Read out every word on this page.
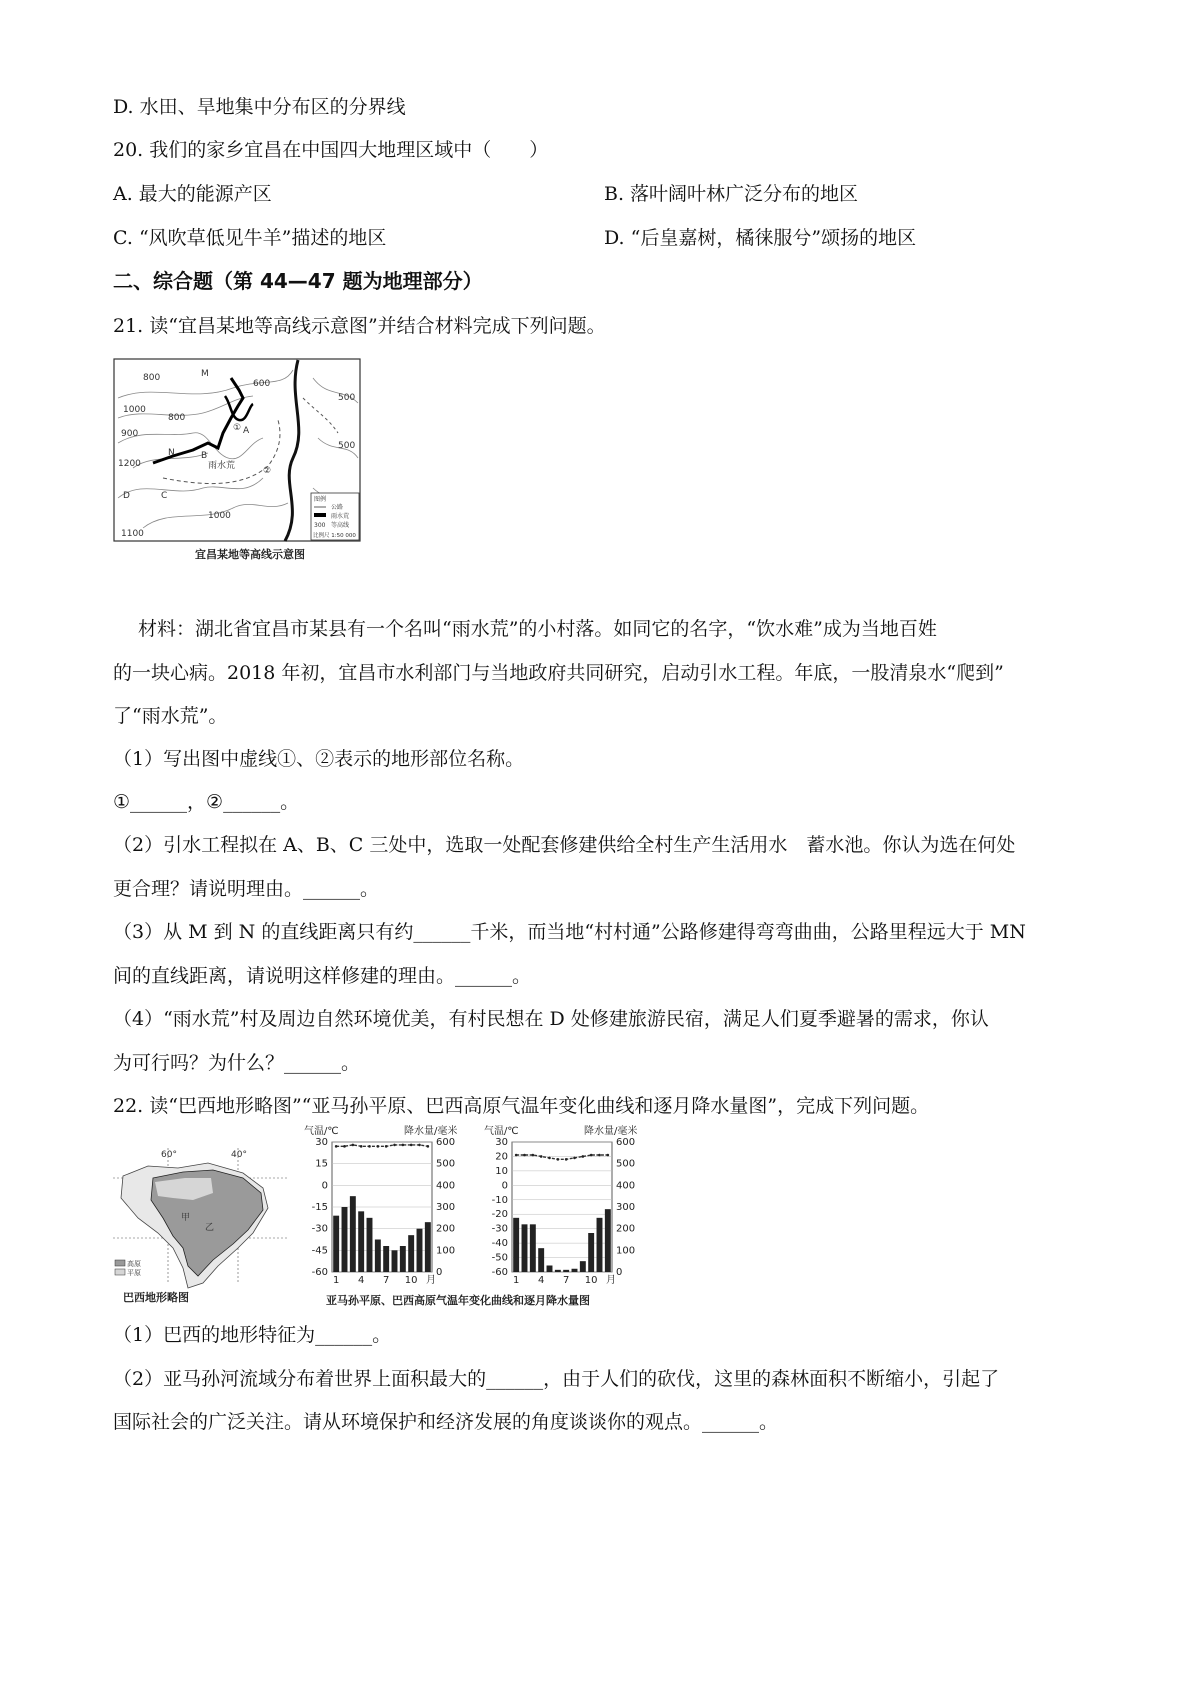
D. 水田、旱地集中分布区的分界线
20. 我们的家乡宜昌在中国四大地理区域中（　　）
A. 最大的能源产区	B. 落叶阔叶林广泛分布的地区
C. “风吹草低见牛羊”描述的地区	D. “后皇嘉树，橘徕服兮”颂扬的地区
二、综合题（第 44—47 题为地理部分）
21. 读“宜昌某地等高线示意图”并结合材料完成下列问题。
M
N
A
B
C
D
雨水荒
①
②
800
1000
900
800
600
500
1200
1000
1100
500
图例
公路
雨水荒
300 等高线
比例尺 1:50 000
宜昌某地等高线示意图
材料：湖北省宜昌市某县有一个名叫“雨水荒”的小村落。如同它的名字，“饮水难”成为当地百姓
的一块心病。2018 年初，宜昌市水利部门与当地政府共同研究，启动引水工程。年底，一股清泉水“爬到”
了“雨水荒”。
（1）写出图中虚线①、②表示的地形部位名称。
①______，②______。
（2）引水工程拟在 A、B、C 三处中，选取一处配套修建供给全村生产生活用水　蓄水池。你认为选在何处
更合理？请说明理由。______。
（3）从 M 到 N 的直线距离只有约______千米，而当地“村村通”公路修建得弯弯曲曲，公路里程远大于 MN
间的直线距离，请说明这样修建的理由。______。
（4）“雨水荒”村及周边自然环境优美，有村民想在 D 处修建旅游民宿，满足人们夏季避暑的需求，你认
为可行吗？为什么？______。
22. 读“巴西地形略图”“亚马孙平原、巴西高原气温年变化曲线和逐月降水量图”，完成下列问题。
60°	40°
甲
乙
高原
平原
巴西地形略图
气温/℃	降水量/毫米
30
15
0
-15
-30
-45
-60
600
500
400
300
200
100
0
1 4 7 10 月
气温/℃	降水量/毫米
30
20
10
0
-10
-20
-30
-40
-50
-60
600
500
400
300
200
100
0
1 4 7 10 月
亚马孙平原、巴西高原气温年变化曲线和逐月降水量图
（1）巴西的地形特征为______。
（2）亚马孙河流域分布着世界上面积最大的______，由于人们的砍伐，这里的森林面积不断缩小，引起了
国际社会的广泛关注。请从环境保护和经济发展的角度谈谈你的观点。______。
